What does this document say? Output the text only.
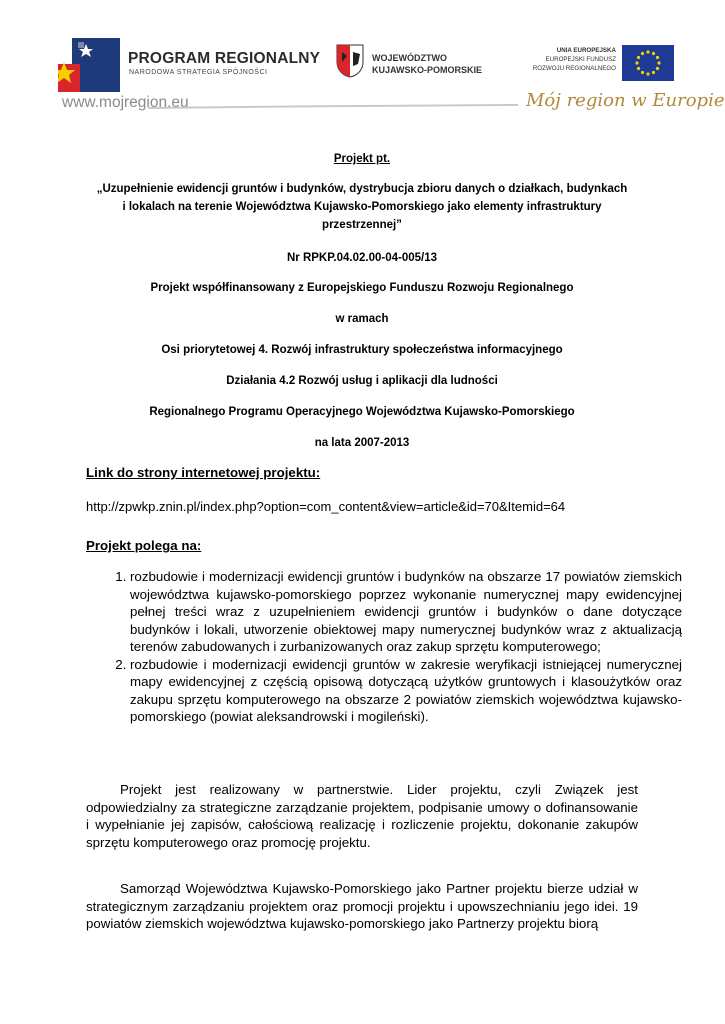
PROGRAM REGIONALNY
NARODOWA STRATEGIA SPÓJNOŚCI
WOJEWÓDZTWO
KUJAWSKO-POMORSKIE
UNIA EUROPEJSKA
EUROPEJSKI FUNDUSZ
ROZWOJU REGIONALNEGO
www.mojregion.eu	Mój region w Europie
Projekt pt.
„Uzupełnienie ewidencji gruntów i budynków, dystrybucja zbioru danych o działkach, budynkach
i lokalach na terenie Województwa Kujawsko-Pomorskiego jako elementy infrastruktury
przestrzennej”
Nr RPKP.04.02.00-04-005/13
Projekt współfinansowany z Europejskiego Funduszu Rozwoju Regionalnego
w ramach
Osi priorytetowej 4. Rozwój infrastruktury społeczeństwa informacyjnego
Działania 4.2 Rozwój usług i aplikacji dla ludności
Regionalnego Programu Operacyjnego Województwa Kujawsko-Pomorskiego
na lata 2007-2013
Link do strony internetowej projektu:
http://zpwkp.znin.pl/index.php?option=com_content&view=article&id=70&Itemid=64
Projekt polega na:
1. rozbudowie i modernizacji ewidencji gruntów i budynków na obszarze 17 powiatów ziemskich województwa kujawsko-pomorskiego poprzez wykonanie numerycznej mapy ewidencyjnej pełnej treści wraz z uzupełnieniem ewidencji gruntów i budynków o dane dotyczące budynków i lokali, utworzenie obiektowej mapy numerycznej budynków wraz z aktualizacją terenów zabudowanych i zurbanizowanych oraz zakup sprzętu komputerowego;
2. rozbudowie i modernizacji ewidencji gruntów w zakresie weryfikacji istniejącej numerycznej mapy ewidencyjnej z częścią opisową dotyczącą użytków gruntowych i klasoużytków oraz zakupu sprzętu komputerowego na obszarze 2 powiatów ziemskich województwa kujawsko-pomorskiego (powiat aleksandrowski i mogileński).

Projekt jest realizowany w partnerstwie. Lider projektu, czyli Związek jest odpowiedzialny za strategiczne zarządzanie projektem, podpisanie umowy o dofinansowanie i wypełnianie jej zapisów, całościową realizację i rozliczenie projektu, dokonanie zakupów sprzętu komputerowego oraz promocję projektu.

Samorząd Województwa Kujawsko-Pomorskiego jako Partner projektu bierze udział w strategicznym zarządzaniu projektem oraz promocji projektu i upowszechnianiu jego idei. 19 powiatów ziemskich województwa kujawsko-pomorskiego jako Partnerzy projektu biorą
